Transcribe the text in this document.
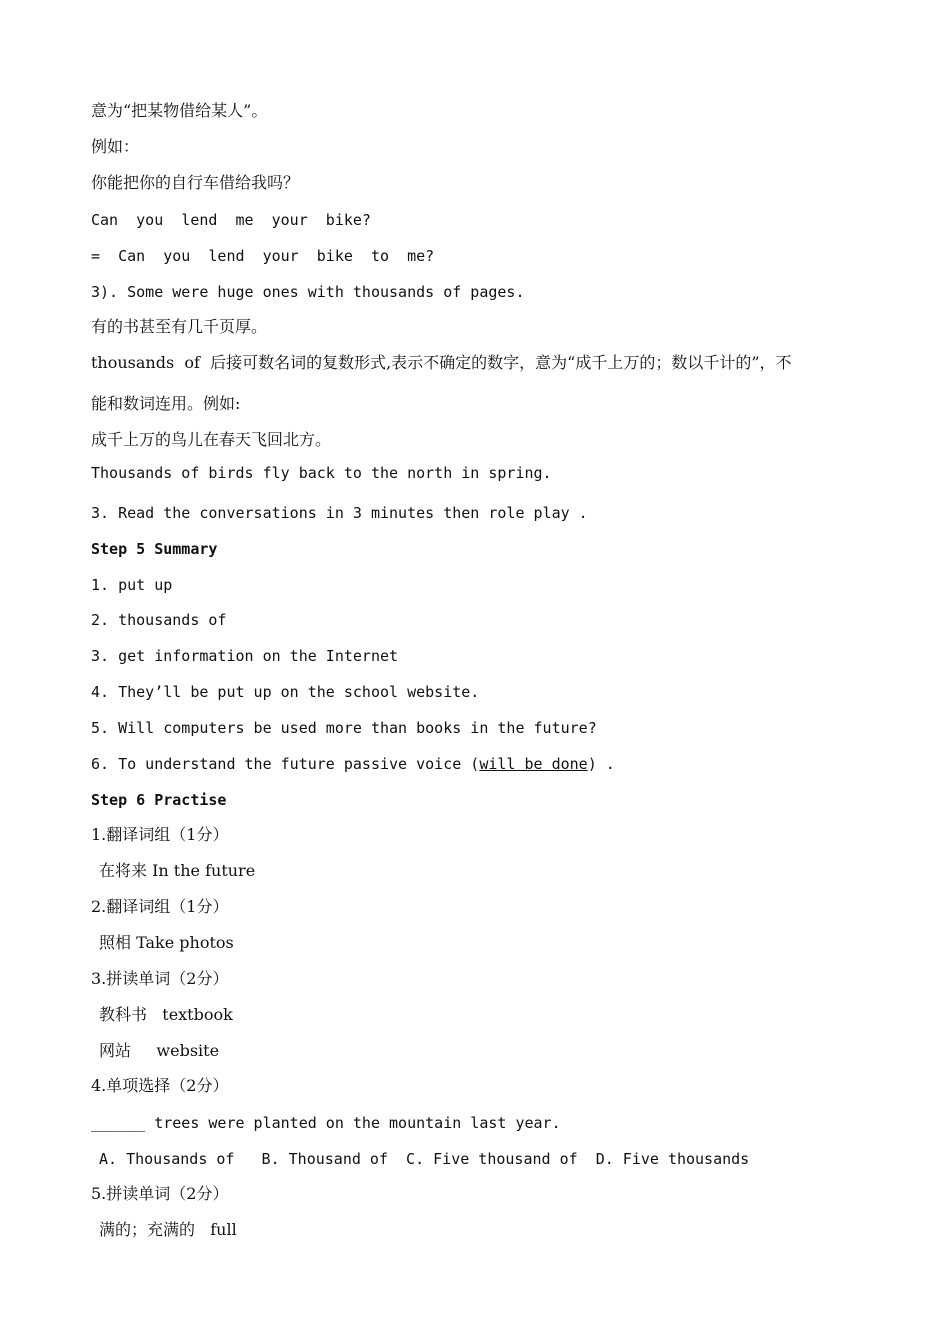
意为“把某物借给某人”。
例如：
你能把你的自行车借给我吗？
Can  you  lend  me  your  bike?
=  Can  you  lend  your  bike  to  me?
3). Some were huge ones with thousands of pages.
有的书甚至有几千页厚。
thousands  of  后接可数名词的复数形式,表示不确定的数字，意为“成千上万的；数以千计的”，不
能和数词连用。例如:
成千上万的鸟儿在春天飞回北方。
Thousands of birds fly back to the north in spring.
3. Read the conversations in 3 minutes then role play .
Step 5 Summary
1. put up
2. thousands of
3. get information on the Internet
4. They’ll be put up on the school website.
5. Will computers be used more than books in the future?
6. To understand the future passive voice (will be done) .
Step 6 Practise
1.翻译词组（1分）
在将来 In the future
2.翻译词组（1分）
照相 Take photos
3.拼读单词（2分）
教科书   textbook
网站     website
4.单项选择（2分）
______ trees were planted on the mountain last year.
A. Thousands of   B. Thousand of  C. Five thousand of  D. Five thousands
5.拼读单词（2分）
满的；充满的   full
